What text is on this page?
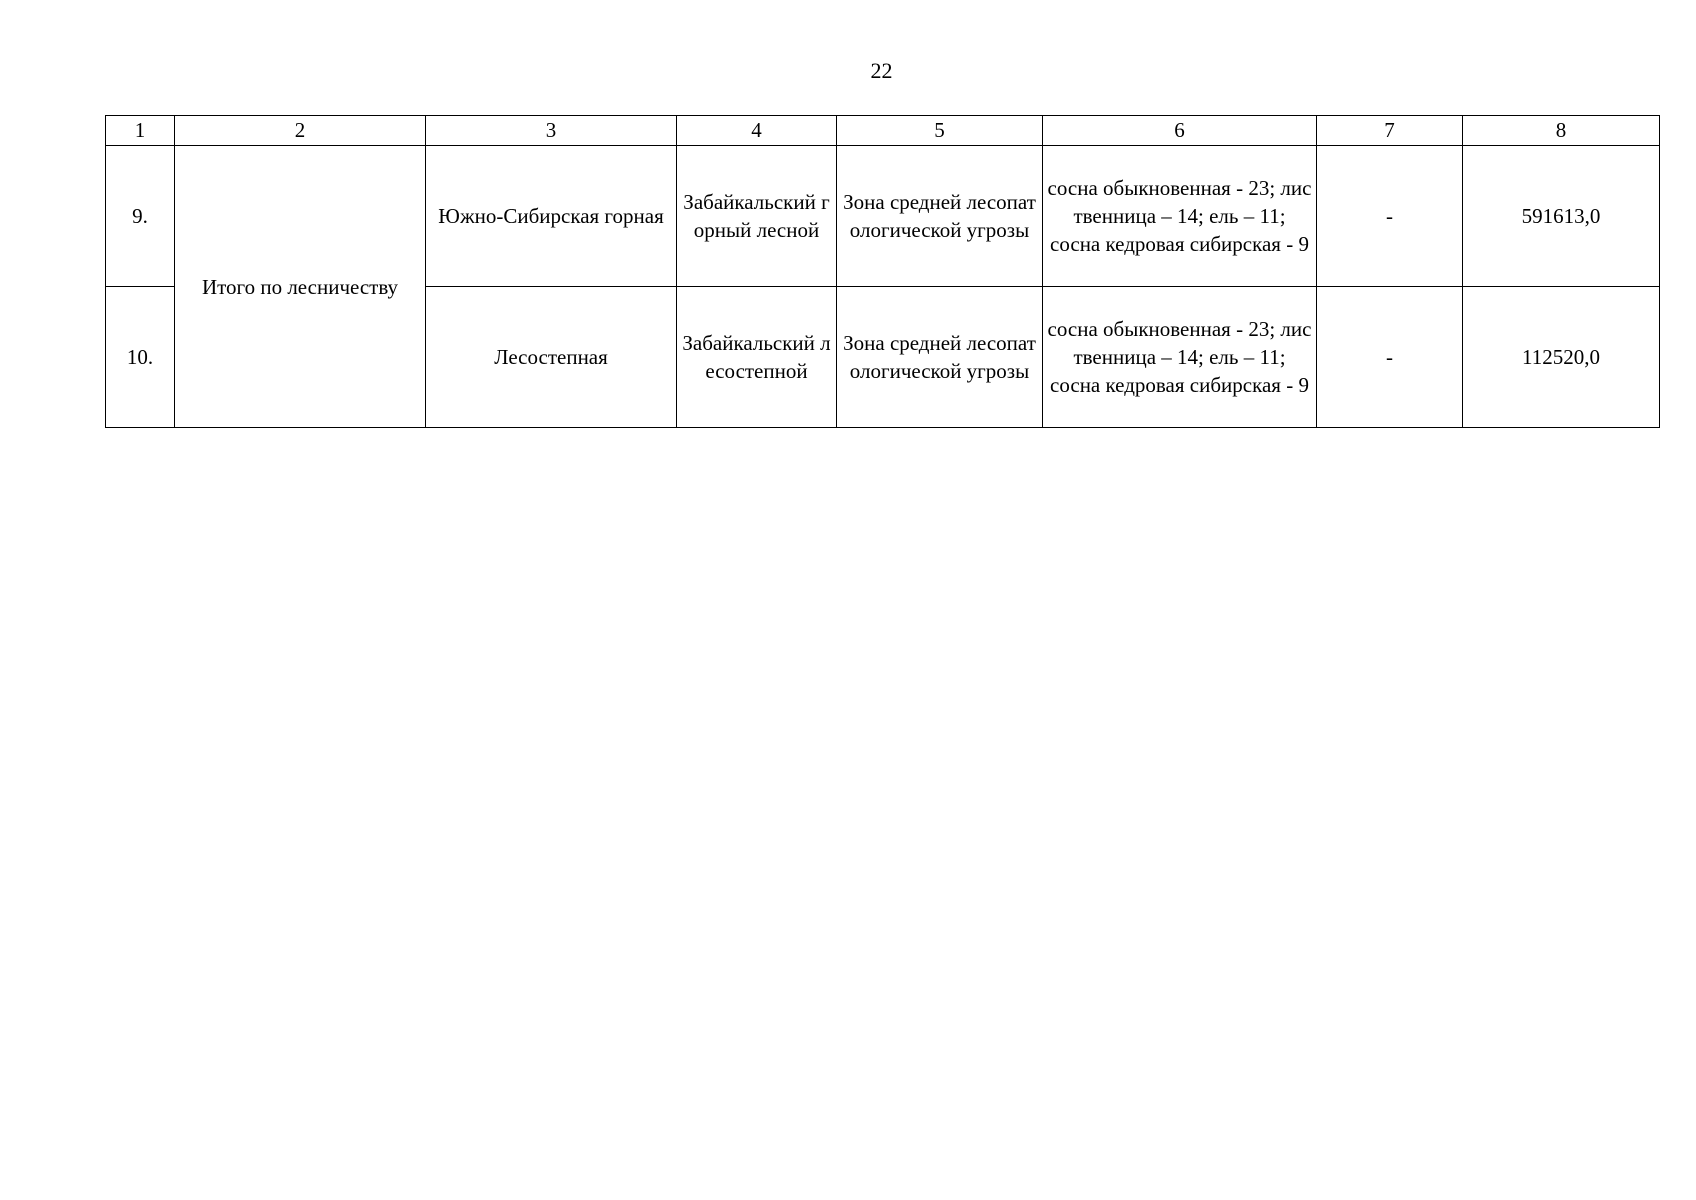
22
1	2	3	4	5	6	7	8
9.	Итого по лесничеству	Южно-Сибирская горная	Забайкальский горный лесной	Зона средней лесопатологической угрозы	сосна обыкновенная - 23; лиственница – 14; ель – 11;
сосна кедровая сибирская - 9	-	591613,0
10.		Лесостепная	Забайкальский лесостепной	Зона средней лесопатологической угрозы	сосна обыкновенная - 23; лиственница – 14; ель – 11;
сосна кедровая сибирская - 9	-	112520,0
